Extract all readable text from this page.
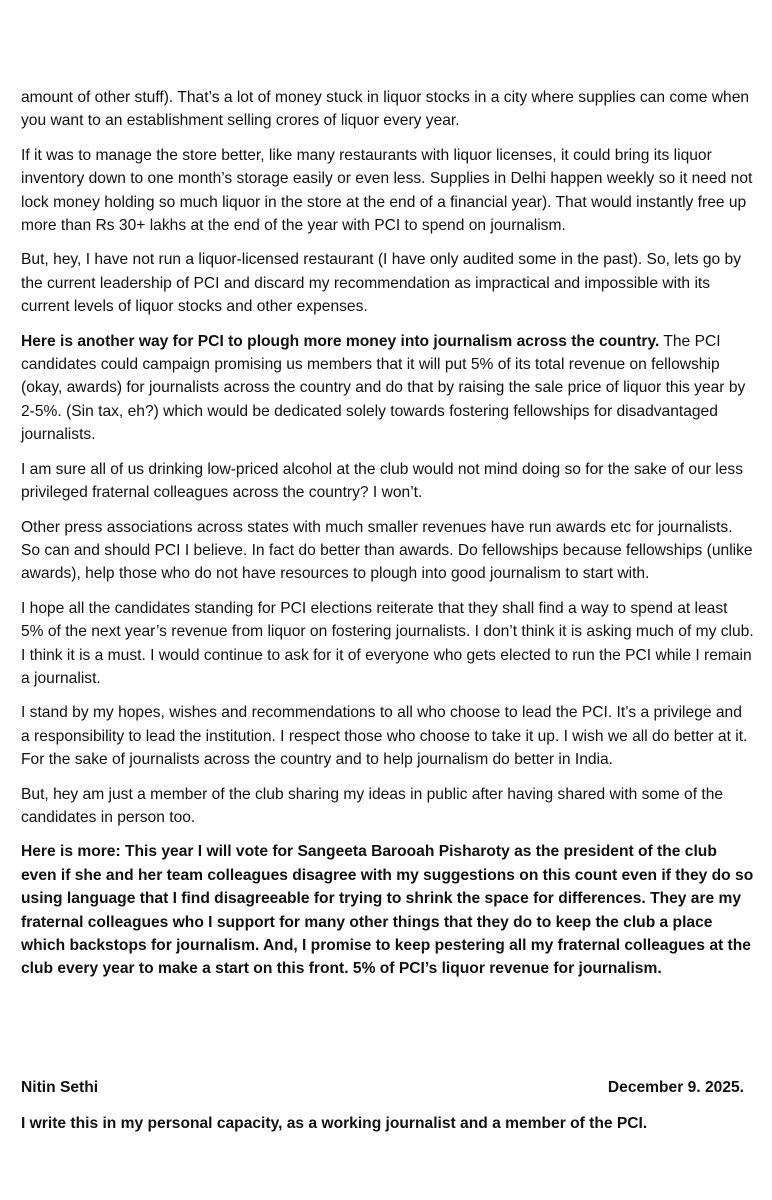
amount of other stuff). That’s a lot of money stuck in liquor stocks in a city where supplies can come when you want to an establishment selling crores of liquor every year.

If it was to manage the store better, like many restaurants with liquor licenses, it could bring its liquor inventory down to one month’s storage easily or even less. Supplies in Delhi happen weekly so it need not lock money holding so much liquor in the store at the end of a financial year). That would instantly free up more than Rs 30+ lakhs at the end of the year with PCI to spend on journalism.

But, hey, I have not run a liquor-licensed restaurant (I have only audited some in the past). So, lets go by the current leadership of PCI and discard my recommendation as impractical and impossible with its current levels of liquor stocks and other expenses.

Here is another way for PCI to plough more money into journalism across the country. The PCI candidates could campaign promising us members that it will put 5% of its total revenue on fellowship (okay, awards) for journalists across the country and do that by raising the sale price of liquor this year by 2-5%. (Sin tax, eh?) which would be dedicated solely towards fostering fellowships for disadvantaged journalists.

I am sure all of us drinking low-priced alcohol at the club would not mind doing so for the sake of our less privileged fraternal colleagues across the country? I won’t.

Other press associations across states with much smaller revenues have run awards etc for journalists. So can and should PCI I believe. In fact do better than awards. Do fellowships because fellowships (unlike awards), help those who do not have resources to plough into good journalism to start with.

I hope all the candidates standing for PCI elections reiterate that they shall find a way to spend at least 5% of the next year’s revenue from liquor on fostering journalists. I don’t think it is asking much of my club. I think it is a must. I would continue to ask for it of everyone who gets elected to run the PCI while I remain a journalist.

I stand by my hopes, wishes and recommendations to all who choose to lead the PCI. It’s a privilege and a responsibility to lead the institution. I respect those who choose to take it up. I wish we all do better at it. For the sake of journalists across the country and to help journalism do better in India.

But, hey am just a member of the club sharing my ideas in public after having shared with some of the candidates in person too.

Here is more: This year I will vote for Sangeeta Barooah Pisharoty as the president of the club even if she and her team colleagues disagree with my suggestions on this count even if they do so using language that I find disagreeable for trying to shrink the space for differences. They are my fraternal colleagues who I support for many other things that they do to keep the club a place which backstops for journalism. And, I promise to keep pestering all my fraternal colleagues at the club every year to make a start on this front. 5% of PCI’s liquor revenue for journalism.

Nitin Sethi	December 9. 2025.

I write this in my personal capacity, as a working journalist and a member of the PCI.
